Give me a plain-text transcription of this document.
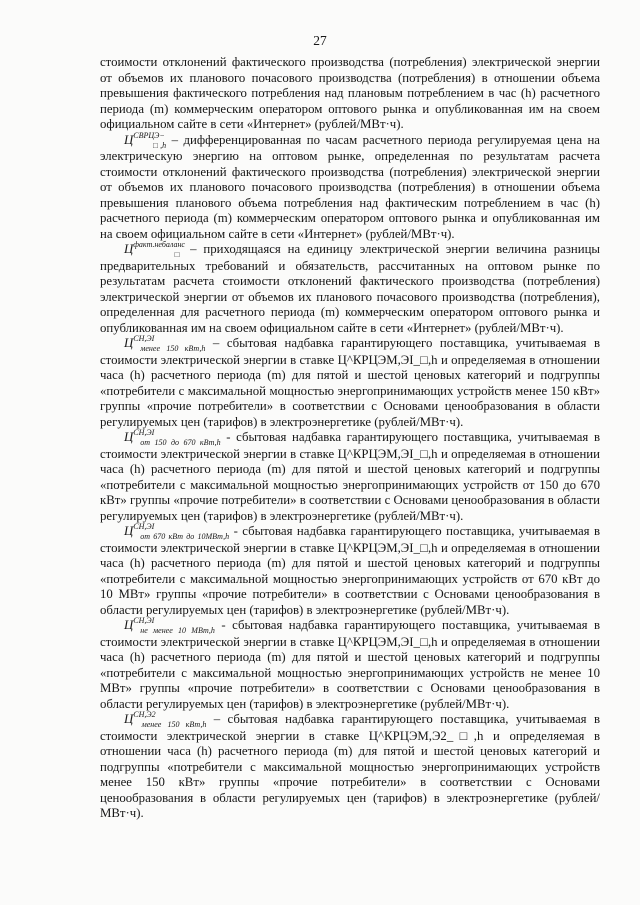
27

стоимости отклонений фактического производства (потребления) электрической энергии от объемов их планового почасового производства (потребления) в отношении объема превышения фактического потребления над плановым потреблением в час (h) расчетного периода (m) коммерческим оператором оптового рынка и опубликованная им на своем официальном сайте в сети «Интернет» (рублей/МВт·ч).

$Ц^{СВРЦЭ-}_{□,h}$ – дифференцированная по часам расчетного периода регулируемая цена на электрическую энергию на оптовом рынке, определенная по результатам расчета стоимости отклонений фактического производства (потребления) электрической энергии от объемов их планового почасового производства (потребления) в отношении объема превышения планового объема потребления над фактическим потреблением в час (h) расчетного периода (m) коммерческим оператором оптового рынка и опубликованная им на своем официальном сайте в сети «Интернет» (рублей/МВт·ч).

$Ц^{факт.небаланс}_□$ – приходящаяся на единицу электрической энергии величина разницы предварительных требований и обязательств, рассчитанных на оптовом рынке по результатам расчета стоимости отклонений фактического производства (потребления) электрической энергии от объемов их планового почасового производства (потребления), определенная для расчетного периода (m) коммерческим оператором оптового рынка и опубликованная им на своем официальном сайте в сети «Интернет» (рублей/МВт·ч).

$Ц^{СН,ЭI}_{менее 150 кВт,h}$ – сбытовая надбавка гарантирующего поставщика, учитываемая в стоимости электрической энергии в ставке Ц^КРЦЭМ,ЭI_□,h и определяемая в отношении часа (h) расчетного периода (m) для пятой и шестой ценовых категорий и подгруппы «потребители с максимальной мощностью энергопринимающих устройств менее 150 кВт» группы «прочие потребители» в соответствии с Основами ценообразования в области регулируемых цен (тарифов) в электроэнергетике (рублей/МВт·ч).

$Ц^{СН,ЭI}_{от 150 до 670 кВт,h}$ - сбытовая надбавка гарантирующего поставщика, учитываемая в стоимости электрической энергии в ставке Ц^КРЦЭМ,ЭI_□,h и определяемая в отношении часа (h) расчетного периода (m) для пятой и шестой ценовых категорий и подгруппы «потребители с максимальной мощностью энергопринимающих устройств от 150 до 670 кВт» группы «прочие потребители» в соответствии с Основами ценообразования в области регулируемых цен (тарифов) в электроэнергетике (рублей/МВт·ч).

$Ц^{СН,ЭI}_{от 670 кВт до 10МВт,h}$ - сбытовая надбавка гарантирующего поставщика, учитываемая в стоимости электрической энергии в ставке Ц^КРЦЭМ,ЭI_□,h и определяемая в отношении часа (h) расчетного периода (m) для пятой и шестой ценовых категорий и подгруппы «потребители с максимальной мощностью энергопринимающих устройств от 670 кВт до 10 МВт» группы «прочие потребители» в соответствии с Основами ценообразования в области регулируемых цен (тарифов) в электроэнергетике (рублей/МВт·ч).

$Ц^{СН,ЭI}_{не менее 10 МВт,h}$ - сбытовая надбавка гарантирующего поставщика, учитываемая в стоимости электрической энергии в ставке Ц^КРЦЭМ,ЭI_□,h и определяемая в отношении часа (h) расчетного периода (m) для пятой и шестой ценовых категорий и подгруппы «потребители с максимальной мощностью энергопринимающих устройств не менее 10 МВт» группы «прочие потребители» в соответствии с Основами ценообразования в области регулируемых цен (тарифов) в электроэнергетике (рублей/МВт·ч).

$Ц^{СН,Э2}_{менее 150 кВт,h}$ – сбытовая надбавка гарантирующего поставщика, учитываемая в стоимости электрической энергии в ставке Ц^КРЦЭМ,Э2_□,h и определяемая в отношении часа (h) расчетного периода (m) для пятой и шестой ценовых категорий и подгруппы «потребители с максимальной мощностью энергопринимающих устройств менее 150 кВт» группы «прочие потребители» в соответствии с Основами ценообразования в области регулируемых цен (тарифов) в электроэнергетике (рублей/МВт·ч).
